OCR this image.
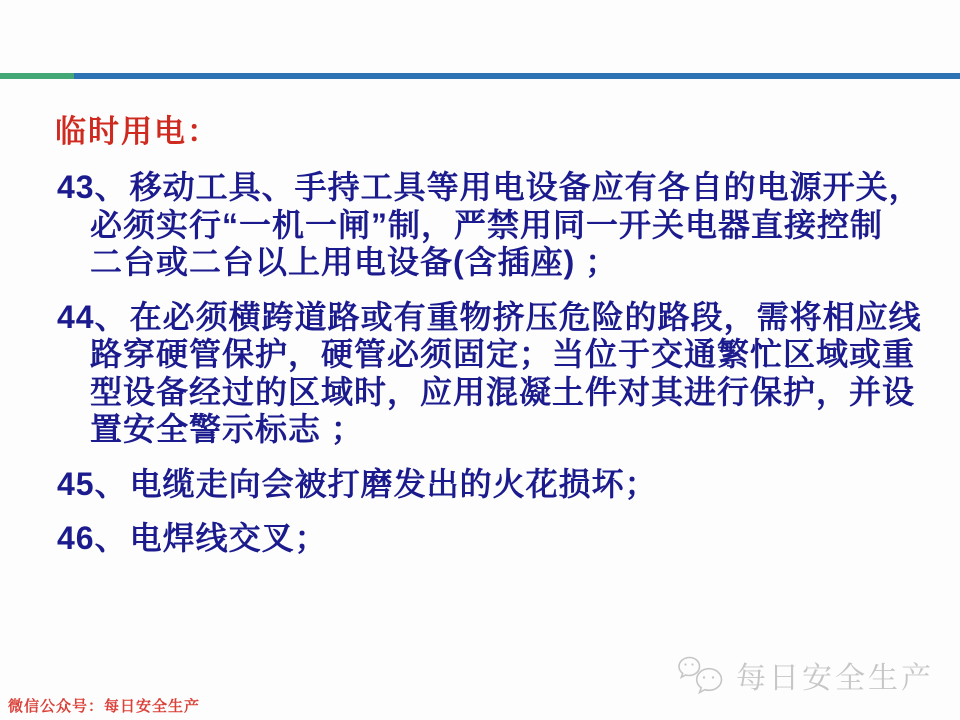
临时用电：
43、移动工具、手持工具等用电设备应有各自的电源开关，
必须实行“一机一闸”制，严禁用同一开关电器直接控制
二台或二台以上用电设备(含插座) ；
44、在必须横跨道路或有重物挤压危险的路段，需将相应线
路穿硬管保护，硬管必须固定；当位于交通繁忙区域或重
型设备经过的区域时，应用混凝土件对其进行保护，并设
置安全警示标志 ；
45、电缆走向会被打磨发出的火花损坏；
46、电焊线交叉；
微信公众号：每日安全生产
每日安全生产
